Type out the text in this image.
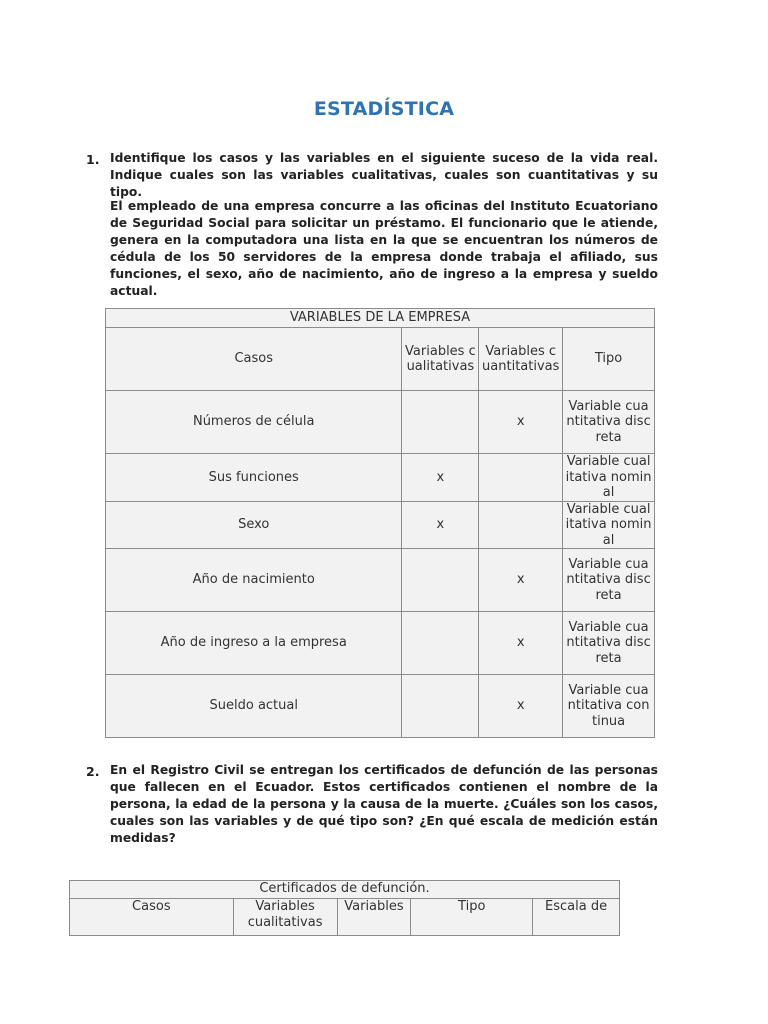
ESTADÍSTICA
1. Identifique los casos y las variables en el siguiente suceso de la vida real. Indique cuales son las variables cualitativas, cuales son cuantitativas y su tipo.

El empleado de una empresa concurre a las oficinas del Instituto Ecuatoriano de Seguridad Social para solicitar un préstamo. El funcionario que le atiende, genera en la computadora una lista en la que se encuentran los números de cédula de los 50 servidores de la empresa donde trabaja el afiliado, sus funciones, el sexo, año de nacimiento, año de ingreso a la empresa y sueldo actual.

VARIABLES DE LA EMPRESA			
Casos	Variables cualitativas	Variables cuantitativas	Tipo
Números de célula		x	Variable cuantitativa discreta
Sus funciones	x		Variable cualitativa nominal
Sexo	x		Variable cualitativa nominal
Año de nacimiento		x	Variable cuantitativa discreta
Año de ingreso a la empresa		x	Variable cuantitativa discreta
Sueldo actual		x	Variable cuantitativa continua
2. En el Registro Civil se entregan los certificados de defunción de las personas que fallecen en el Ecuador. Estos certificados contienen el nombre de la persona, la edad de la persona y la causa de la muerte. ¿Cuáles son los casos, cuales son las variables y de qué tipo son? ¿En qué escala de medición están medidas?

Certificados de defunción.
Casos	Variables cualitativas	Variables	Tipo	Escala de
